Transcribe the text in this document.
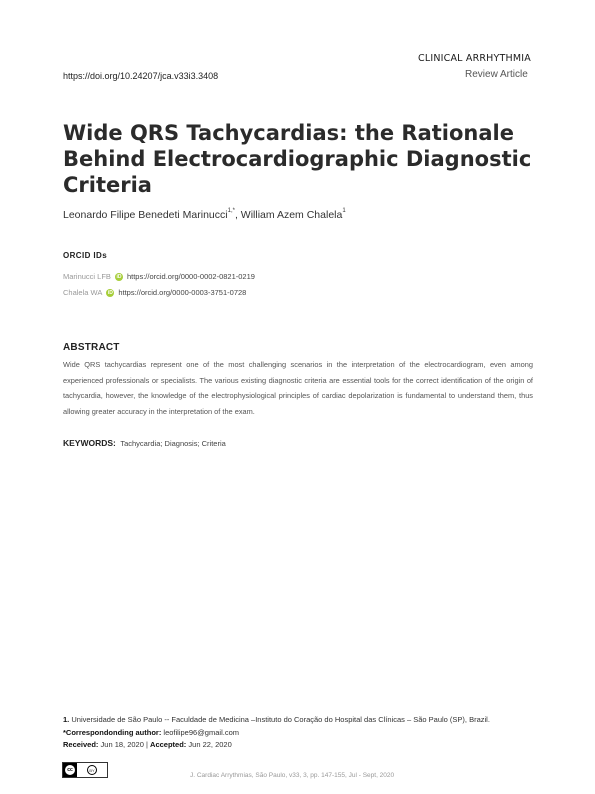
CLINICAL ARRHYTHMIA
Review Article
https://doi.org/10.24207/jca.v33i3.3408
Wide QRS Tachycardias: the Rationale Behind Electrocardiographic Diagnostic Criteria
Leonardo Filipe Benedeti Marinucci$^{1,*}$, William Azem Chalela$^1$
ORCID IDs
Marinucci LFB	iD https://orcid.org/0000-0002-0821-0219
Chalela WA	iD https://orcid.org/0000-0003-3751-0728
ABSTRACT
Wide QRS tachycardias represent one of the most challenging scenarios in the interpretation of the electrocardiogram, even among experienced professionals or specialists. The various existing diagnostic criteria are essential tools for the correct identification of the origin of tachycardia, however, the knowledge of the electrophysiological principles of cardiac depolarization is fundamental to understand them, thus allowing greater accuracy in the interpretation of the exam.
KEYWORDS: Tachycardia; Diagnosis; Criteria
1. Universidade de São Paulo -- Faculdade de Medicina –Instituto do Coração do Hospital das Clínicas – São Paulo (SP), Brazil.
*Correspondonding author: leofilipe96@gmail.com
Received: Jun 18, 2020 | Accepted: Jun 22, 2020
cc	BY
J. Cardiac Arrythmias, São Paulo, v33, 3, pp. 147-155, Jul - Sept, 2020
